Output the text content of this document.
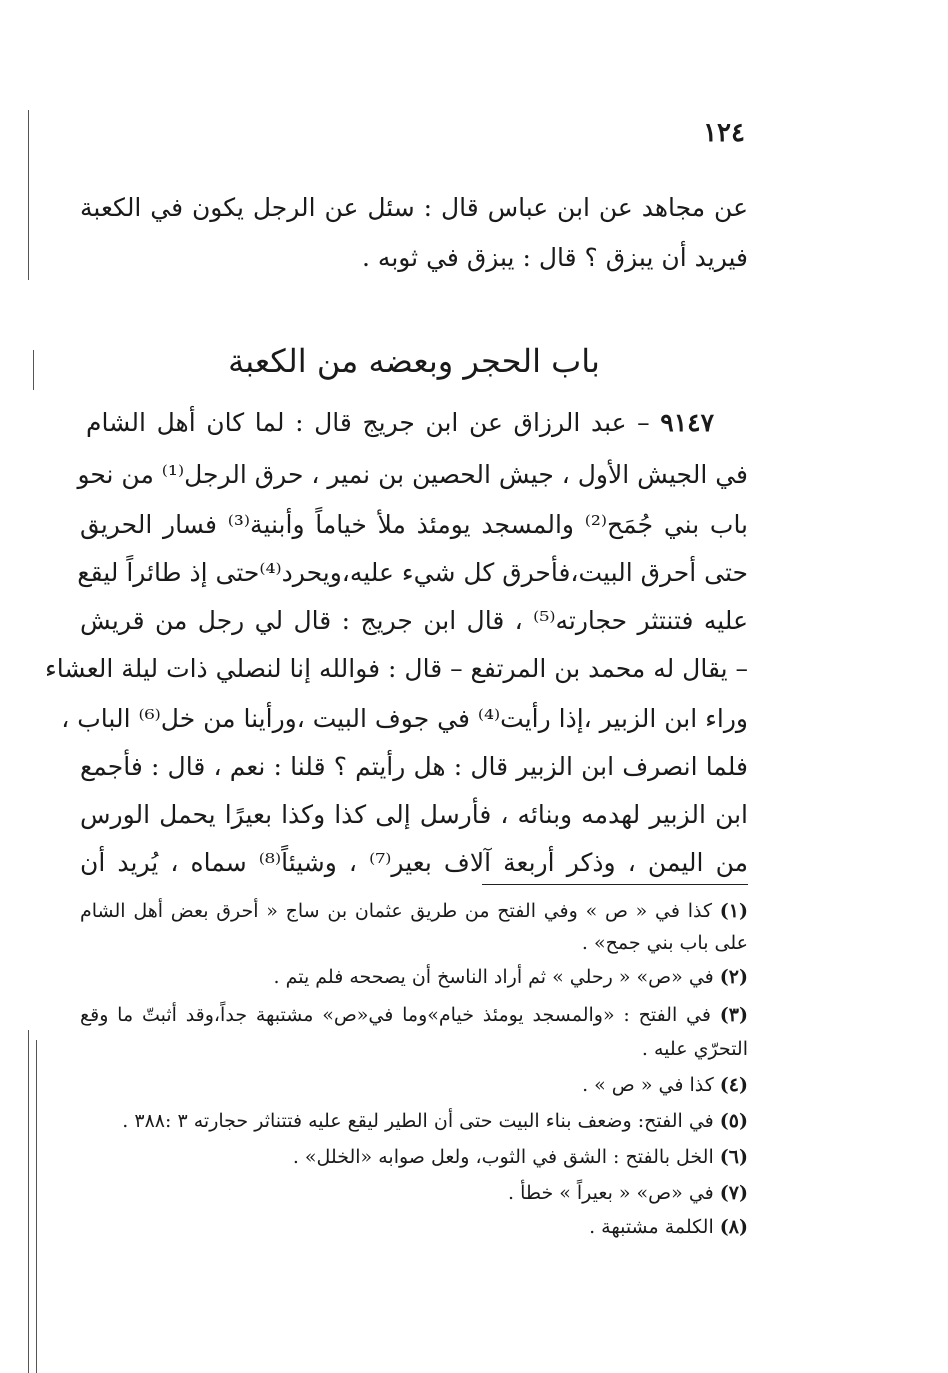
١٢٤
عن مجاهد عن ابن عباس قال : سئل عن الرجل يكون في الكعبة
فيريد أن يبزق ؟ قال : يبزق في ثوبه .
باب الحجر وبعضه من الكعبة
٩١٤٧ – عبد الرزاق عن ابن جريج قال : لما كان أهل الشام
في الجيش الأول ، جيش الحصين بن نمير ، حرق الرجل⁽¹⁾ من نحو
باب بني جُمَح⁽²⁾ والمسجد يومئذ ملأ خياماً وأبنية⁽³⁾ فسار الحريق
حتى أحرق البيت،فأحرق كل شيء عليه،ويحرد⁽⁴⁾حتى إذ طائراً ليقع
عليه فتنتثر حجارته⁽⁵⁾ ، قال ابن جريج : قال لي رجل من قريش
– يقال له محمد بن المرتفع – قال : فوالله إنا لنصلي ذات ليلة العشاء
وراء ابن الزبير ،إذا رأيت⁽⁴⁾ في جوف البيت ،ورأينا من خل⁽⁶⁾ الباب ،
فلما انصرف ابن الزبير قال : هل رأيتم ؟ قلنا : نعم ، قال : فأجمع
ابن الزبير لهدمه وبنائه ، فأرسل إلى كذا وكذا بعيرًا يحمل الورس
من اليمن ، وذكر أربعة آلاف بعير⁽⁷⁾ ، وشيئاً⁽⁸⁾ سماه ، يُريد أن
(١) كذا في « ص » وفي الفتح من طريق عثمان بن ساج « أحرق بعض أهل الشام
على باب بني جمح» .
(٢) في «ص» « رحلي » ثم أراد الناسخ أن يصححه فلم يتم .
(٣) في الفتح : «والمسجد يومئذ خيام»وما في«ص» مشتبهة جداً،وقد أثبتّ ما وقع
التحرّي عليه .
(٤) كذا في « ص » .
(٥) في الفتح: وضعف بناء البيت حتى أن الطير ليقع عليه فتتناثر حجارته ٣ :٣٨٨ .
(٦) الخل بالفتح : الشق في الثوب، ولعل صوابه «الخلل» .
(٧) في «ص» « بعيراً » خطأ .
(٨) الكلمة مشتبهة .
